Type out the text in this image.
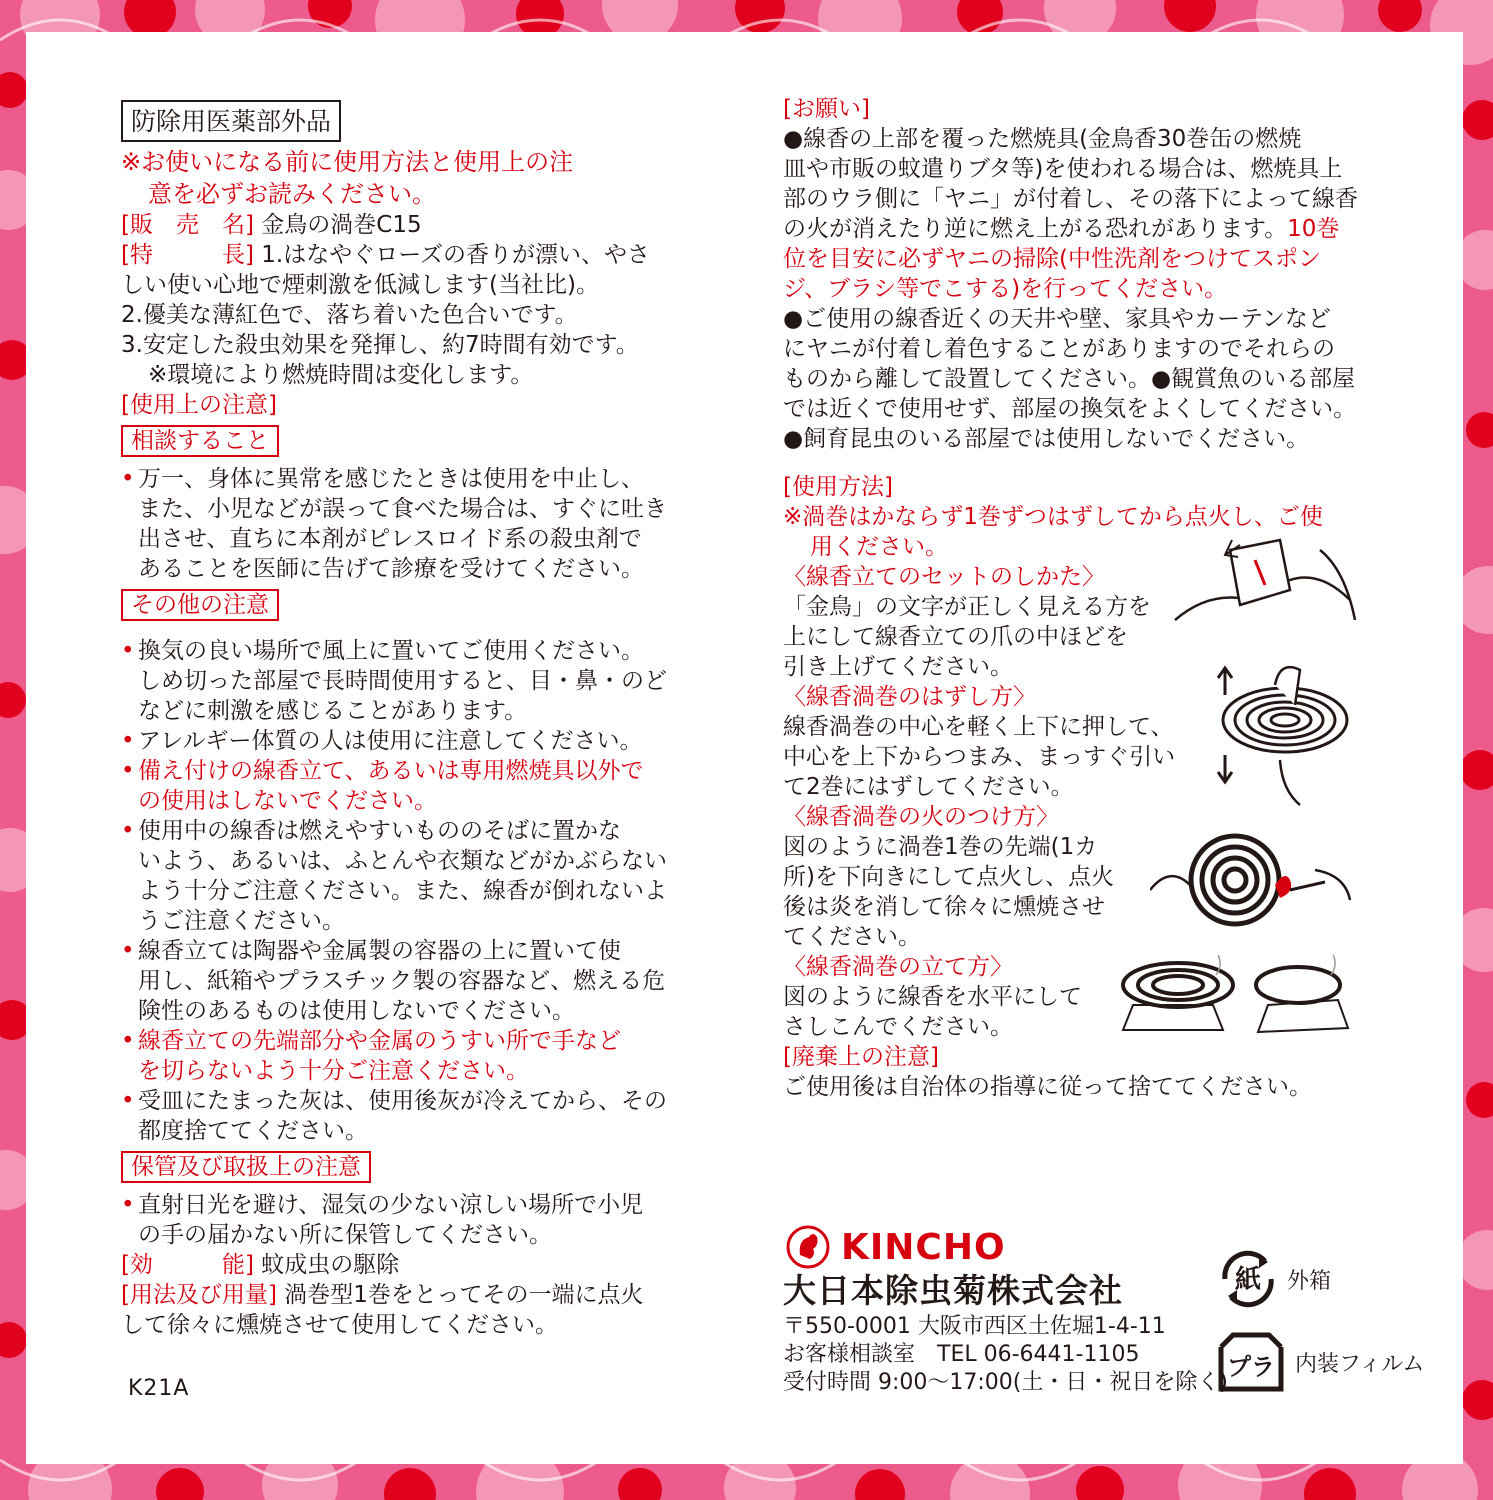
防除用医薬部外品
※お使いになる前に使用方法と使用上の注
意を必ずお読みください。
[販　売　名] 金鳥の渦巻C15
[特　　　長] 1.はなやぐローズの香りが漂い、やさ
しい使い心地で煙刺激を低減します(当社比)。
2.優美な薄紅色で、落ち着いた色合いです。
3.安定した殺虫効果を発揮し、約7時間有効です。
※環境により燃焼時間は変化します。
[使用上の注意]
相談すること
• 万一、身体に異常を感じたときは使用を中止し、
また、小児などが誤って食べた場合は、すぐに吐き
出させ、直ちに本剤がピレスロイド系の殺虫剤で
あることを医師に告げて診療を受けてください。
その他の注意
• 換気の良い場所で風上に置いてご使用ください。
しめ切った部屋で長時間使用すると、目・鼻・のど
などに刺激を感じることがあります。
• アレルギー体質の人は使用に注意してください。
• 備え付けの線香立て、あるいは専用燃焼具以外で
の使用はしないでください。
• 使用中の線香は燃えやすいもののそばに置かな
いよう、あるいは、ふとんや衣類などがかぶらない
よう十分ご注意ください。また、線香が倒れないよ
うご注意ください。
• 線香立ては陶器や金属製の容器の上に置いて使
用し、紙箱やプラスチック製の容器など、燃える危
険性のあるものは使用しないでください。
• 線香立ての先端部分や金属のうすい所で手など
を切らないよう十分ご注意ください。
• 受皿にたまった灰は、使用後灰が冷えてから、その
都度捨ててください。
保管及び取扱上の注意
• 直射日光を避け、湿気の少ない涼しい場所で小児
の手の届かない所に保管してください。
[効　　　能] 蚊成虫の駆除
[用法及び用量] 渦巻型1巻をとってその一端に点火
して徐々に燻焼させて使用してください。
K21A
[お願い]
●線香の上部を覆った燃焼具(金鳥香30巻缶の燃焼
皿や市販の蚊遣りブタ等)を使われる場合は、燃焼具上
部のウラ側に「ヤニ」が付着し、その落下によって線香
の火が消えたり逆に燃え上がる恐れがあります。10巻
位を目安に必ずヤニの掃除(中性洗剤をつけてスポン
ジ、ブラシ等でこする)を行ってください。
●ご使用の線香近くの天井や壁、家具やカーテンなど
にヤニが付着し着色することがありますのでそれらの
ものから離して設置してください。●観賞魚のいる部屋
では近くで使用せず、部屋の換気をよくしてください。
●飼育昆虫のいる部屋では使用しないでください。
[使用方法]
※渦巻はかならず1巻ずつはずしてから点火し、ご使
用ください。
〈線香立てのセットのしかた〉
「金鳥」の文字が正しく見える方を
上にして線香立ての爪の中ほどを
引き上げてください。
〈線香渦巻のはずし方〉
線香渦巻の中心を軽く上下に押して、
中心を上下からつまみ、まっすぐ引い
て2巻にはずしてください。
〈線香渦巻の火のつけ方〉
図のように渦巻1巻の先端(1カ
所)を下向きにして点火し、点火
後は炎を消して徐々に燻焼させ
てください。
〈線香渦巻の立て方〉
図のように線香を水平にして
さしこんでください。
[廃棄上の注意]
ご使用後は自治体の指導に従って捨ててください。
KINCHO
大日本除虫菊株式会社
〒550-0001 大阪市西区土佐堀1-4-11
お客様相談室　TEL 06-6441-1105
受付時間 9:00〜17:00(土・日・祝日を除く)
紙 外箱
プラ 内装フィルム
